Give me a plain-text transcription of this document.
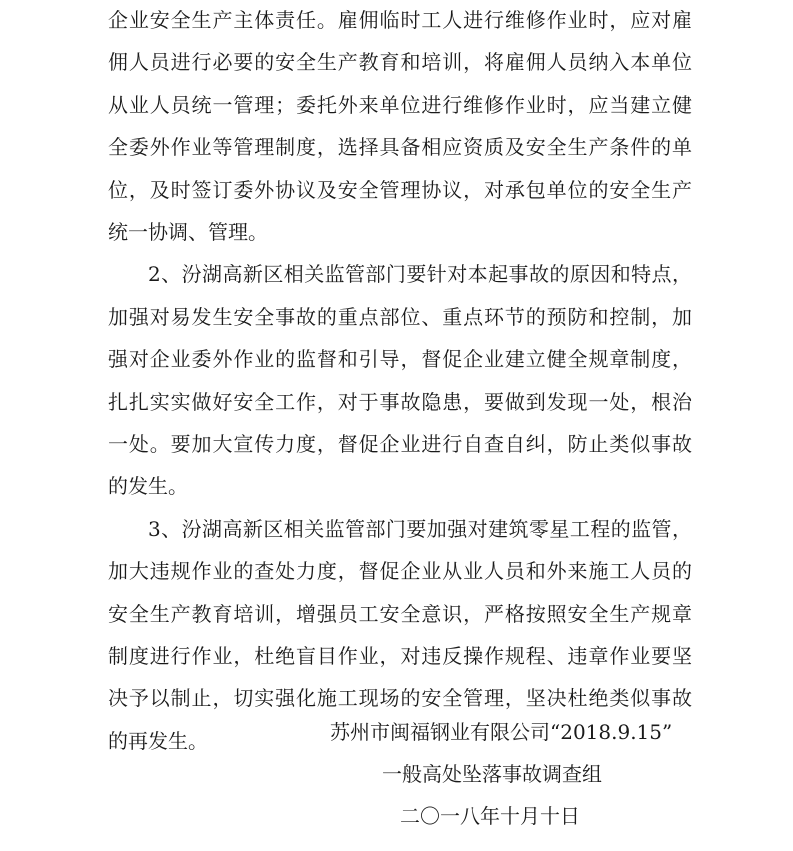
企业安全生产主体责任。雇佣临时工人进行维修作业时，应对雇
佣人员进行必要的安全生产教育和培训，将雇佣人员纳入本单位
从业人员统一管理；委托外来单位进行维修作业时，应当建立健
全委外作业等管理制度，选择具备相应资质及安全生产条件的单
位，及时签订委外协议及安全管理协议，对承包单位的安全生产
统一协调、管理。
2、汾湖高新区相关监管部门要针对本起事故的原因和特点，
加强对易发生安全事故的重点部位、重点环节的预防和控制，加
强对企业委外作业的监督和引导，督促企业建立健全规章制度，
扎扎实实做好安全工作，对于事故隐患，要做到发现一处，根治
一处。要加大宣传力度，督促企业进行自查自纠，防止类似事故
的发生。
3、汾湖高新区相关监管部门要加强对建筑零星工程的监管，
加大违规作业的查处力度，督促企业从业人员和外来施工人员的
安全生产教育培训，增强员工安全意识，严格按照安全生产规章
制度进行作业，杜绝盲目作业，对违反操作规程、违章作业要坚
决予以制止，切实强化施工现场的安全管理，坚决杜绝类似事故
的再发生。	苏州市闽福钢业有限公司“2018.9.15”
一般高处坠落事故调查组
二〇一八年十月十日
